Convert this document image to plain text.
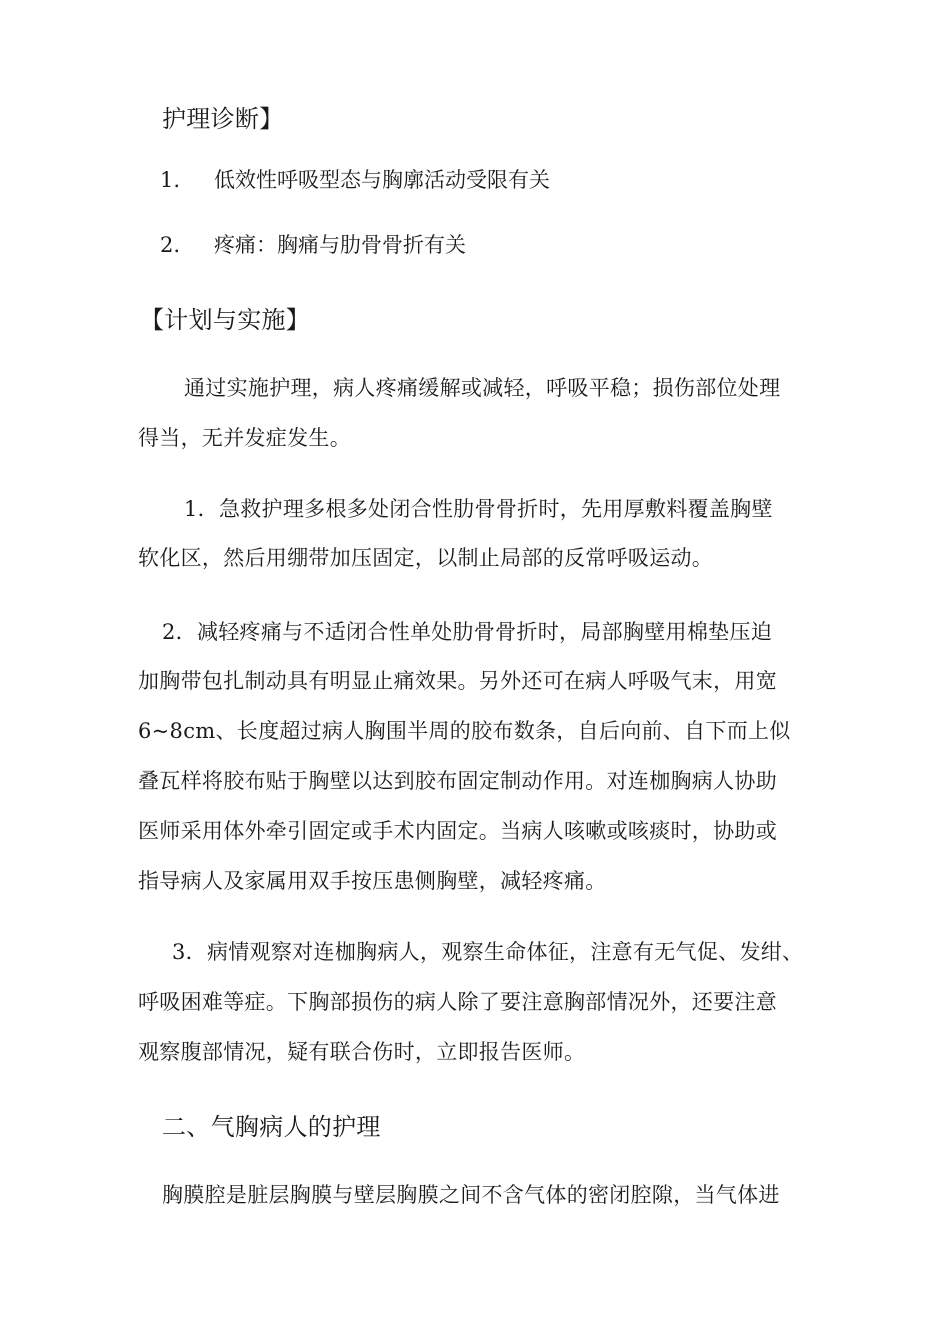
护理诊断】
1. 低效性呼吸型态与胸廓活动受限有关
2. 疼痛：胸痛与肋骨骨折有关
【计划与实施】
通过实施护理，病人疼痛缓解或减轻，呼吸平稳；损伤部位处理
得当，无并发症发生。
1．急救护理多根多处闭合性肋骨骨折时，先用厚敷料覆盖胸壁
软化区，然后用绷带加压固定，以制止局部的反常呼吸运动。
2．减轻疼痛与不适闭合性单处肋骨骨折时，局部胸壁用棉垫压迫
加胸带包扎制动具有明显止痛效果。另外还可在病人呼吸气末，用宽
6~8cm、长度超过病人胸围半周的胶布数条，自后向前、自下而上似
叠瓦样将胶布贴于胸壁以达到胶布固定制动作用。对连枷胸病人协助
医师采用体外牵引固定或手术内固定。当病人咳嗽或咳痰时，协助或
指导病人及家属用双手按压患侧胸壁，减轻疼痛。
3．病情观察对连枷胸病人，观察生命体征，注意有无气促、发绀、
呼吸困难等症。下胸部损伤的病人除了要注意胸部情况外，还要注意
观察腹部情况，疑有联合伤时，立即报告医师。
二、气胸病人的护理
胸膜腔是脏层胸膜与壁层胸膜之间不含气体的密闭腔隙，当气体进
